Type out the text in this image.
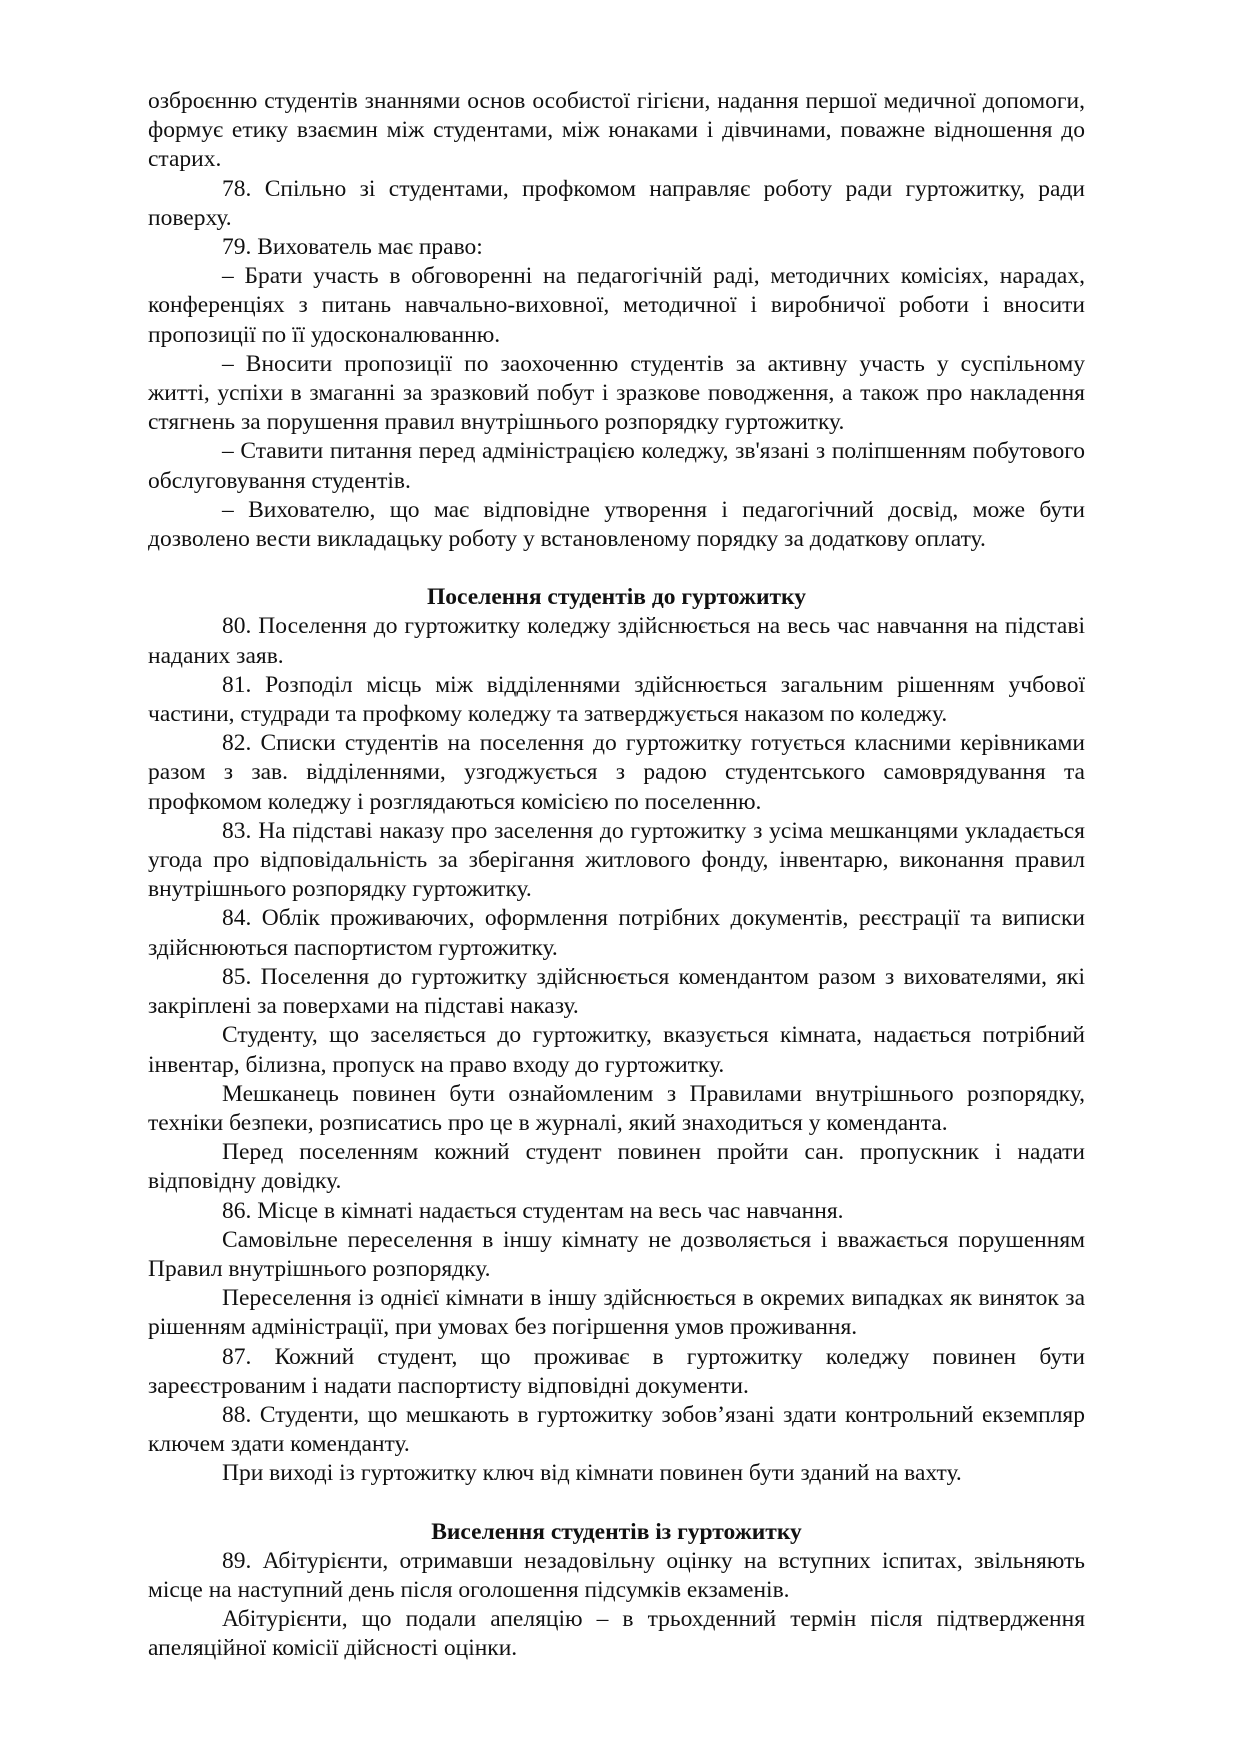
озброєнню студентів знаннями основ особистої гігієни, надання першої медичної допомоги, формує етику взаємин між студентами, між юнаками і дівчинами, поважне відношення до старих.

78. Спільно зі студентами, профкомом направляє роботу ради гуртожитку, ради поверху.

79. Вихователь має право:

– Брати участь в обговоренні на педагогічній раді, методичних комісіях, нарадах, конференціях з питань навчально-виховної, методичної і виробничої роботи і вносити пропозиції по її удосконалюванню.

– Вносити пропозиції по заохоченню студентів за активну участь у суспільному житті, успіхи в змаганні за зразковий побут і зразкове поводження, а також про накладення стягнень за порушення правил внутрішнього розпорядку гуртожитку.

– Ставити питання перед адміністрацією коледжу, зв'язані з поліпшенням побутового обслуговування студентів.

– Вихователю, що має відповідне утворення і педагогічний досвід, може бути дозволено вести викладацьку роботу у встановленому порядку за додаткову оплату.

Поселення студентів до гуртожитку

80. Поселення до гуртожитку коледжу здійснюється на весь час навчання на підставі наданих заяв.

81. Розподіл місць між відділеннями здійснюється загальним рішенням учбової частини, студради та профкому коледжу та затверджується наказом по коледжу.

82. Списки студентів на поселення до гуртожитку готується класними керівниками разом з зав. відділеннями, узгоджується з радою студентського самоврядування та профкомом коледжу і розглядаються комісією по поселенню.

83. На підставі наказу про заселення до гуртожитку з усіма мешканцями укладається угода про відповідальність за зберігання житлового фонду, інвентарю, виконання правил внутрішнього розпорядку гуртожитку.

84. Облік проживаючих, оформлення потрібних документів, реєстрації та виписки здійснюються паспортистом гуртожитку.

85. Поселення до гуртожитку здійснюється комендантом разом з вихователями, які закріплені за поверхами на підставі наказу.

Студенту, що заселяється до гуртожитку, вказується кімната, надається потрібний інвентар, білизна, пропуск на право входу до гуртожитку.

Мешканець повинен бути ознайомленим з Правилами внутрішнього розпорядку, техніки безпеки, розписатись про це в журналі, який знаходиться у коменданта.

Перед поселенням кожний студент повинен пройти сан. пропускник і надати відповідну довідку.

86. Місце в кімнаті надається студентам на весь час навчання.

Самовільне переселення в іншу кімнату не дозволяється і вважається порушенням Правил внутрішнього розпорядку.

Переселення із однієї кімнати в іншу здійснюється в окремих випадках як виняток за рішенням адміністрації, при умовах без погіршення умов проживання.

87. Кожний студент, що проживає в гуртожитку коледжу повинен бути зареєстрованим і надати паспортисту відповідні документи.

88. Студенти, що мешкають в гуртожитку зобов’язані здати контрольний екземпляр ключем здати коменданту.

При виході із гуртожитку ключ від кімнати повинен бути зданий на вахту.

Виселення студентів із гуртожитку

89. Абітурієнти, отримавши незадовільну оцінку на вступних іспитах, звільняють місце на наступний день після оголошення підсумків екзаменів.

Абітурієнти, що подали апеляцію – в трьохденний термін після підтвердження апеляційної комісії дійсності оцінки.
